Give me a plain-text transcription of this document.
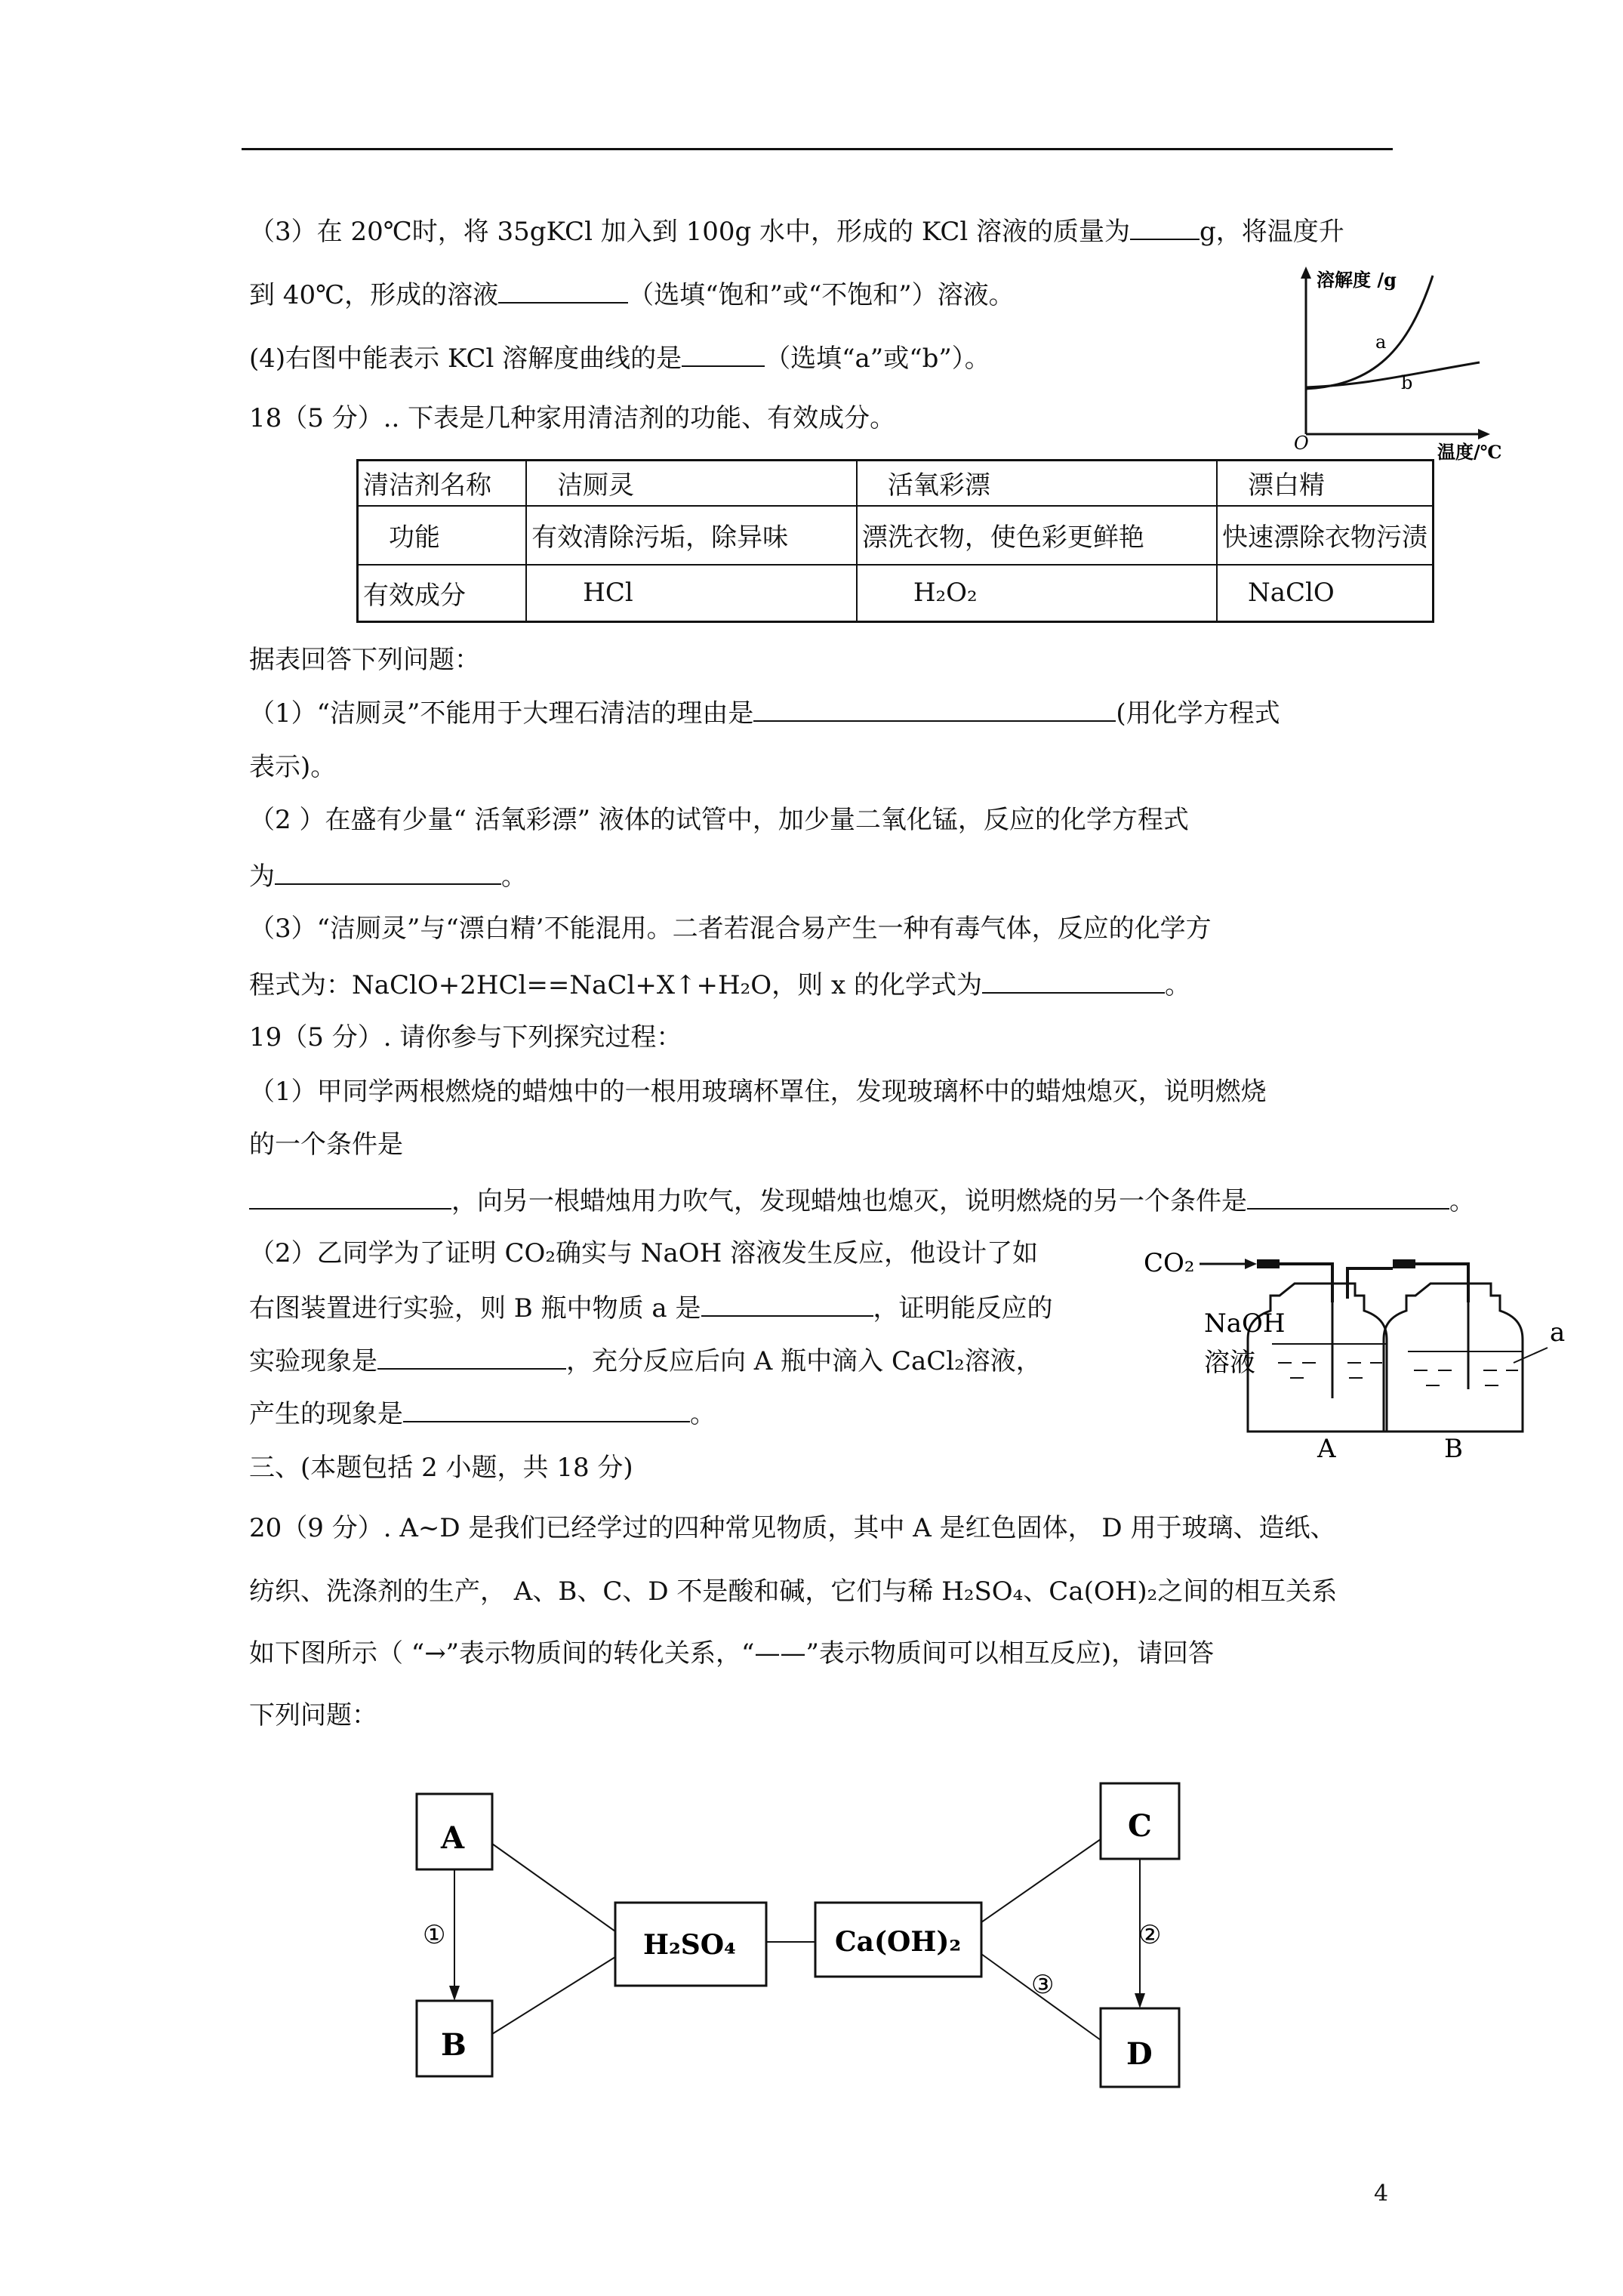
（3）在 20℃时，将 35gKCl 加入到 100g 水中，形成的 KCl 溶液的质量为	g，将温度升
到 40℃，形成的溶液	（选填“饱和”或“不饱和”）溶液。
(4)右图中能表示 KCl 溶解度曲线的是	（选填“a”或“b”）。
溶解度 /g
温度/℃
O
a
b
18（5 分）.. 下表是几种家用清洁剂的功能、有效成分。
清洁剂名称	洁厕灵	活氧彩漂	漂白精
功能	有效清除污垢，除异味	漂洗衣物，使色彩更鲜艳	快速漂除衣物污渍
有效成分	HCl	H₂O₂	NaClO
据表回答下列问题：
（1）“洁厕灵”不能用于大理石清洁的理由是	(用化学方程式
表示)。
（2 ）在盛有少量“ 活氧彩漂” 液体的试管中，加少量二氧化锰，反应的化学方程式
为	。
（3）“洁厕灵”与“漂白精’不能混用。二者若混合易产生一种有毒气体，反应的化学方
程式为：NaClO+2HCl==NaCl+X↑+H₂O，则 x 的化学式为	。
19（5 分）. 请你参与下列探究过程：
（1）甲同学两根燃烧的蜡烛中的一根用玻璃杯罩住，发现玻璃杯中的蜡烛熄灭，说明燃烧
的一个条件是
，向另一根蜡烛用力吹气，发现蜡烛也熄灭，说明燃烧的另一个条件是	。
（2）乙同学为了证明 CO₂确实与 NaOH 溶液发生反应，他设计了如
右图装置进行实验，则 B 瓶中物质 a 是	，证明能反应的
实验现象是	，充分反应后向 A 瓶中滴入 CaCl₂溶液，
产生的现象是	。
CO₂
NaOH
溶液
a
A	B
三、(本题包括 2 小题，共 18 分)
20（9 分）. A~D 是我们已经学过的四种常见物质，其中 A 是红色固体， D 用于玻璃、造纸、
纺织、洗涤剂的生产， A、B、C、D 不是酸和碱，它们与稀 H₂SO₄、Ca(OH)₂之间的相互关系
如下图所示（ “→”表示物质间的转化关系，“——”表示物质间可以相互反应)，请回答
下列问题：
A
B
C
D
H₂SO₄	Ca(OH)₂
①	②
③
4
